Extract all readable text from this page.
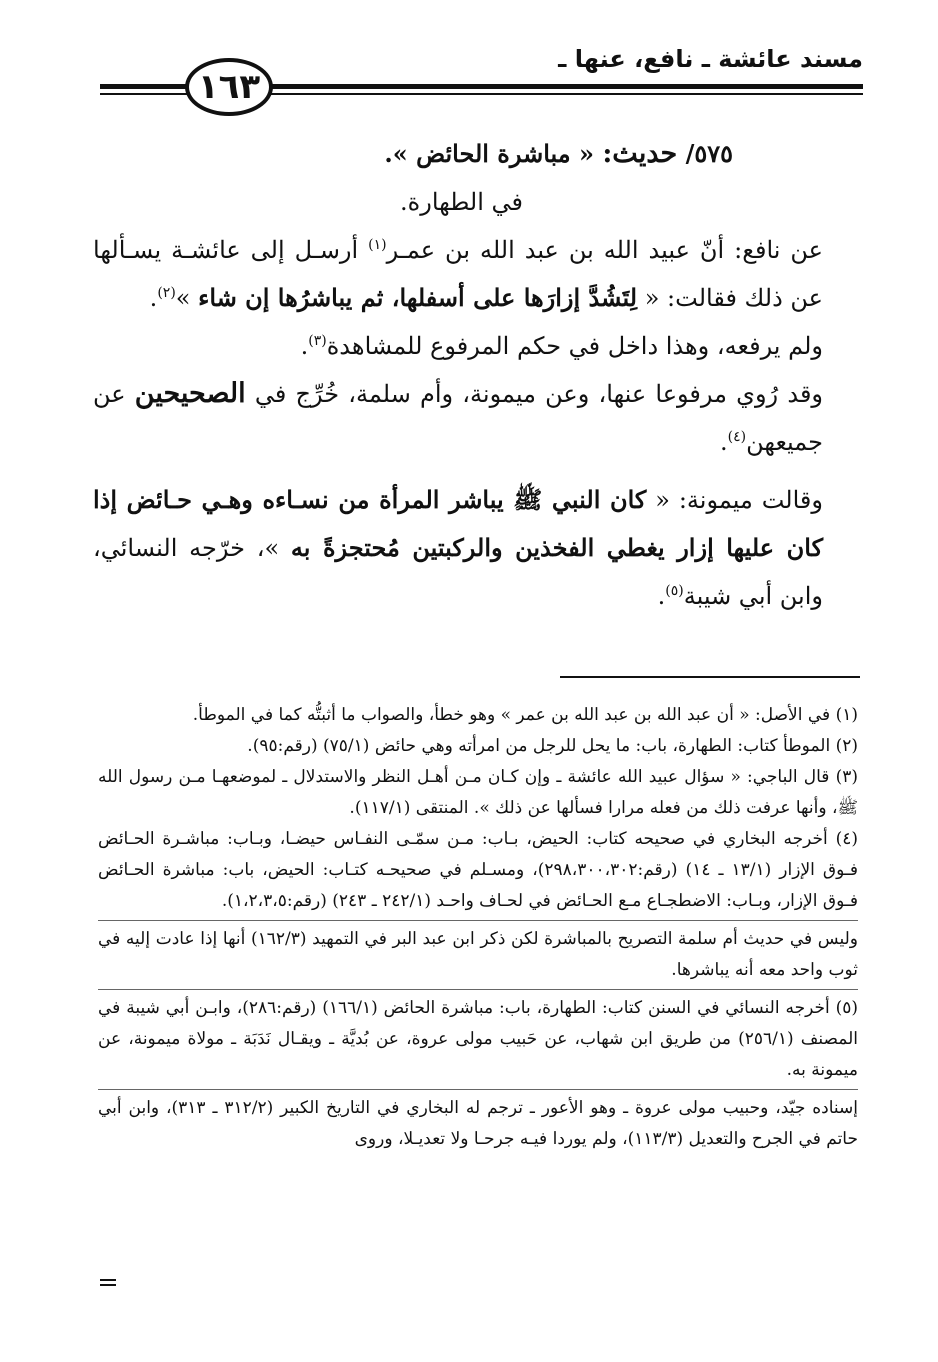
مسند عائشة ـ نافع، عنها ـ
١٦٣

٥٧٥/ حديث: « مباشرة الحائض ».

في الطهارة.

عن نافع: أنّ عبيد الله بن عبد الله بن عمـر$^{(١)}$ أرسـل إلى عائشـة يسـألها عن ذلك فقالت: « لِتَشُدَّ إزارَها على أسفلها، ثم يباشرُها إن شاء »$^{(٢)}$.

ولم يرفعه، وهذا داخل في حكم المرفوع للمشاهدة$^{(٣)}$.

وقد رُوي مرفوعا عنها، وعن ميمونة، وأم سلمة، خُرِّج في الصحيحين عن جميعهن$^{(٤)}$.

وقالت ميمونة: « كان النبي ﷺ يباشر المرأة من نسـاءه وهـي حـائض إذا كان عليها إزار يغطي الفخذين والركبتين مُحتجزةً به »، خرّجه النسائي، وابن أبي شيبة$^{(٥)}$.

(١) في الأصل: « أن عبد الله بن عبد الله بن عمر » وهو خطأ، والصواب ما أثبتُّه كما في الموطأ.

(٢) الموطأ كتاب: الطهارة، باب: ما يحل للرجل من امرأته وهي حائض (٧٥/١) (رقم:٩٥).

(٣) قال الباجي: « سؤال عبيد الله عائشة ـ وإن كـان مـن أهـل النظر والاستدلال ـ لموضعهـا مـن رسول الله ﷺ، وأنها عرفت ذلك من فعله مرارا فسألها عن ذلك ». المنتقى (١١٧/١).

(٤) أخرجه البخاري في صحيحه كتاب: الحيض، بـاب: مـن سمّـى النفـاس حيضـا، وبـاب: مباشـرة الحـائض فـوق الإزار (١٣/١ ـ ١٤) (رقم:٢٩٨،٣٠٠،٣٠٢)، ومسـلم في صحيحـه كتـاب: الحيض، باب: مباشرة الحـائض فـوق الإزار، وبـاب: الاضطجـاع مـع الحـائض في لحـاف واحـد (٢٤٢/١ ـ ٢٤٣) (رقم:١،٢،٣،٥).

وليس في حديث أم سلمة التصريح بالمباشرة لكن ذكر ابن عبد البر في التمهيد (١٦٢/٣) أنها إذا عادت إليه في ثوب واحد معه أنه يباشرها.

(٥) أخرجه النسائي في السنن كتاب: الطهارة، باب: مباشرة الحائض (١٦٦/١) (رقم:٢٨٦)، وابـن أبي شيبة في المصنف (٢٥٦/١) من طريق ابن شهاب، عن حَبيب مولى عروة، عن بُديَّة ـ ويقـال نَدَبَة ـ مولاة ميمونة، عن ميمونة به.

إسناده جيّد، وحبيب مولى عروة ـ وهو الأعور ـ ترجم له البخاري في التاريخ الكبير (٣١٢/٢ ـ ٣١٣)، وابن أبي حاتم في الجرح والتعديل (١١٣/٣)، ولم يوردا فيـه جرحـا ولا تعديـلا، وروى
